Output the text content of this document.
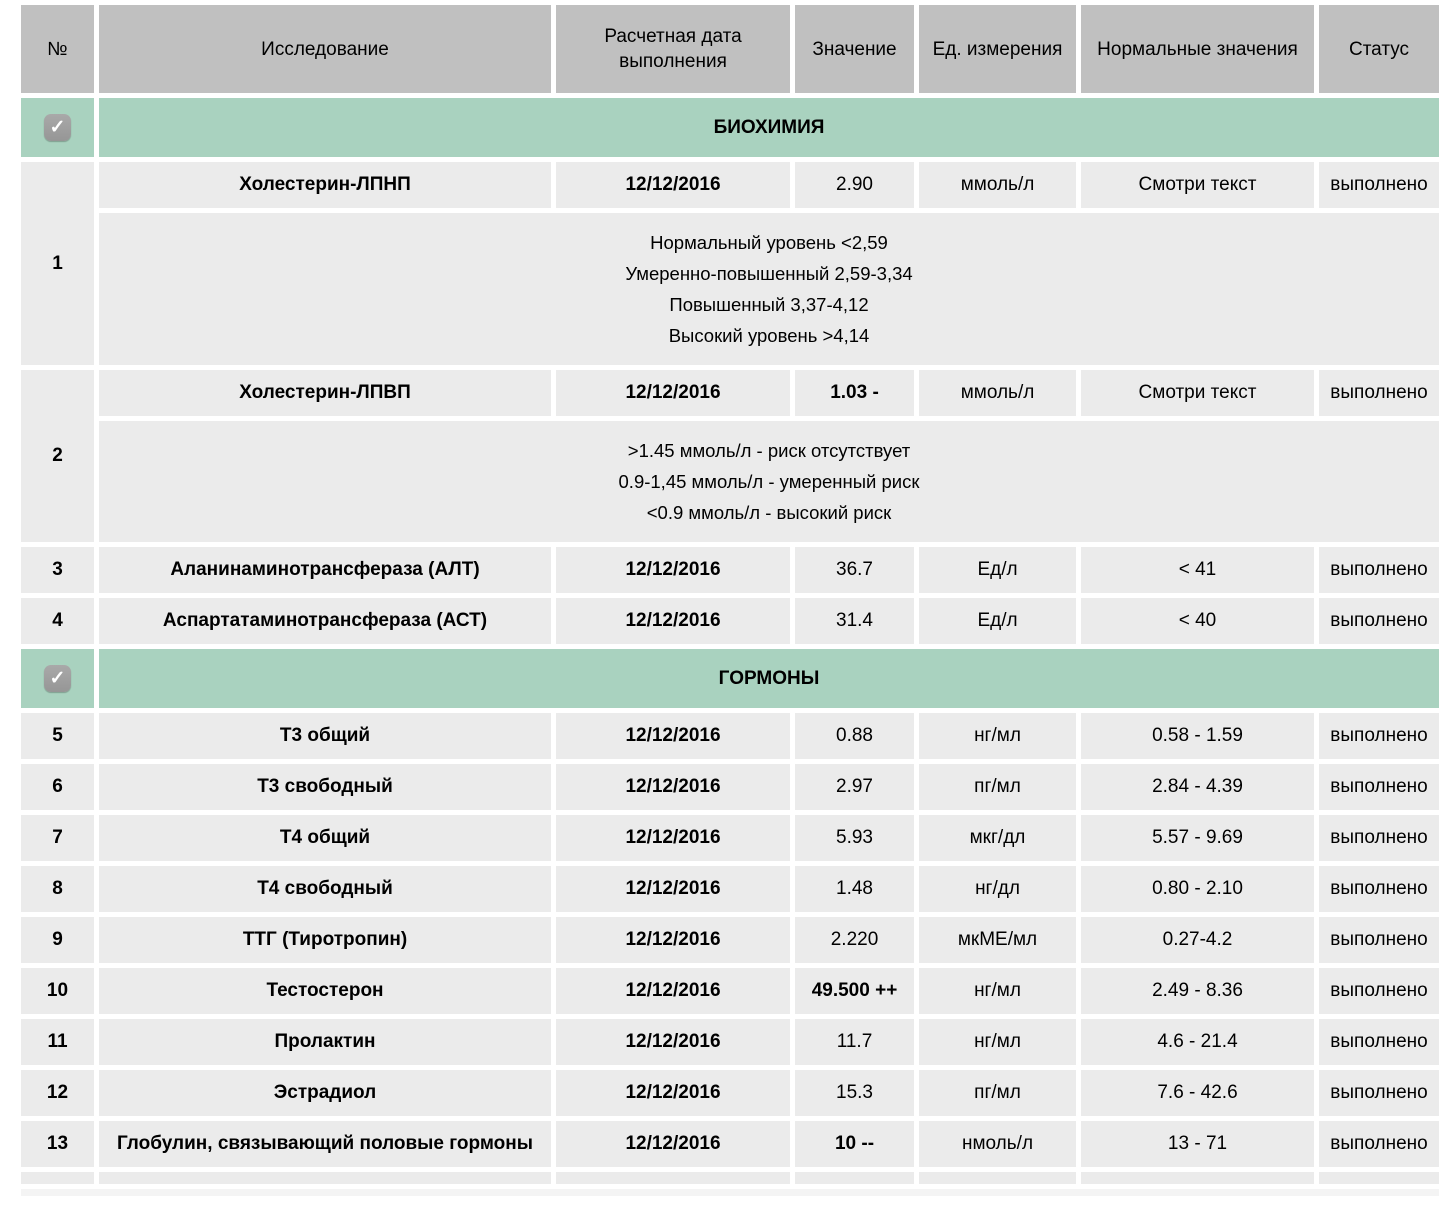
№	Исследование	Расчетная дата выполнения	Значение	Ед. измерения	Нормальные значения	Статус
✓	БИОХИМИЯ					
1	Холестерин-ЛПНП	12/12/2016	2.90	ммоль/л	Смотри текст	выполнено

	Нормальный уровень <2,59
Умеренно-повышенный 2,59-3,34
Повышенный 3,37-4,12
Высокий уровень >4,14					

2	Холестерин-ЛПВП	12/12/2016	1.03 -	ммоль/л	Смотри текст	выполнено

	>1.45 ммоль/л - риск отсутствует
0.9-1,45 ммоль/л - умеренный риск
<0.9 ммоль/л - высокий риск					

3	Аланинаминотрансфераза (АЛТ)	12/12/2016	36.7	Ед/л	< 41	выполнено
4	Аспартатаминотрансфераза (АСТ)	12/12/2016	31.4	Ед/л	< 40	выполнено
✓	ГОРМОНЫ					
5	Т3 общий	12/12/2016	0.88	нг/мл	0.58 - 1.59	выполнено
6	Т3 свободный	12/12/2016	2.97	пг/мл	2.84 - 4.39	выполнено
7	Т4 общий	12/12/2016	5.93	мкг/дл	5.57 - 9.69	выполнено
8	Т4 свободный	12/12/2016	1.48	нг/дл	0.80 - 2.10	выполнено
9	ТТГ (Тиротропин)	12/12/2016	2.220	мкМЕ/мл	0.27-4.2	выполнено
10	Тестостерон	12/12/2016	49.500 ++	нг/мл	2.49 - 8.36	выполнено
11	Пролактин	12/12/2016	11.7	нг/мл	4.6 - 21.4	выполнено
12	Эстрадиол	12/12/2016	15.3	пг/мл	7.6 - 42.6	выполнено
13	Глобулин, связывающий половые гормоны	12/12/2016	10 --	нмоль/л	13 - 71	выполнено
